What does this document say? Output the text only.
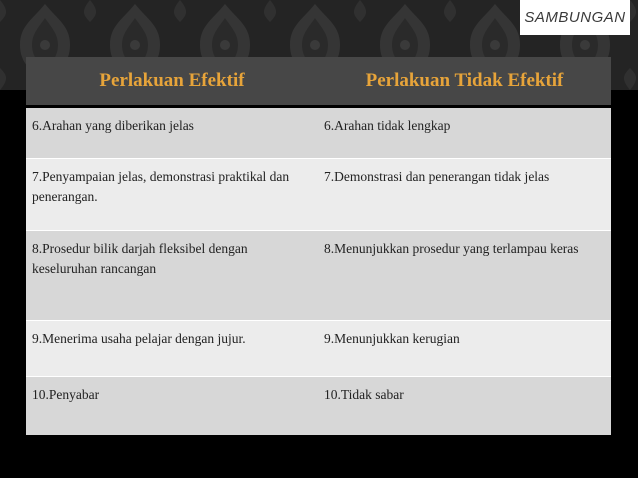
SAMBUNGAN
Perlakuan Efektif	Perlakuan Tidak Efektif
6.Arahan yang diberikan jelas	6.Arahan tidak lengkap
7.Penyampaian jelas, demonstrasi praktikal dan penerangan.	7.Demonstrasi dan penerangan tidak jelas
8.Prosedur bilik darjah fleksibel dengan keseluruhan rancangan	8.Menunjukkan prosedur yang terlampau keras
9.Menerima usaha pelajar dengan jujur.	9.Menunjukkan kerugian
10.Penyabar	10.Tidak sabar
